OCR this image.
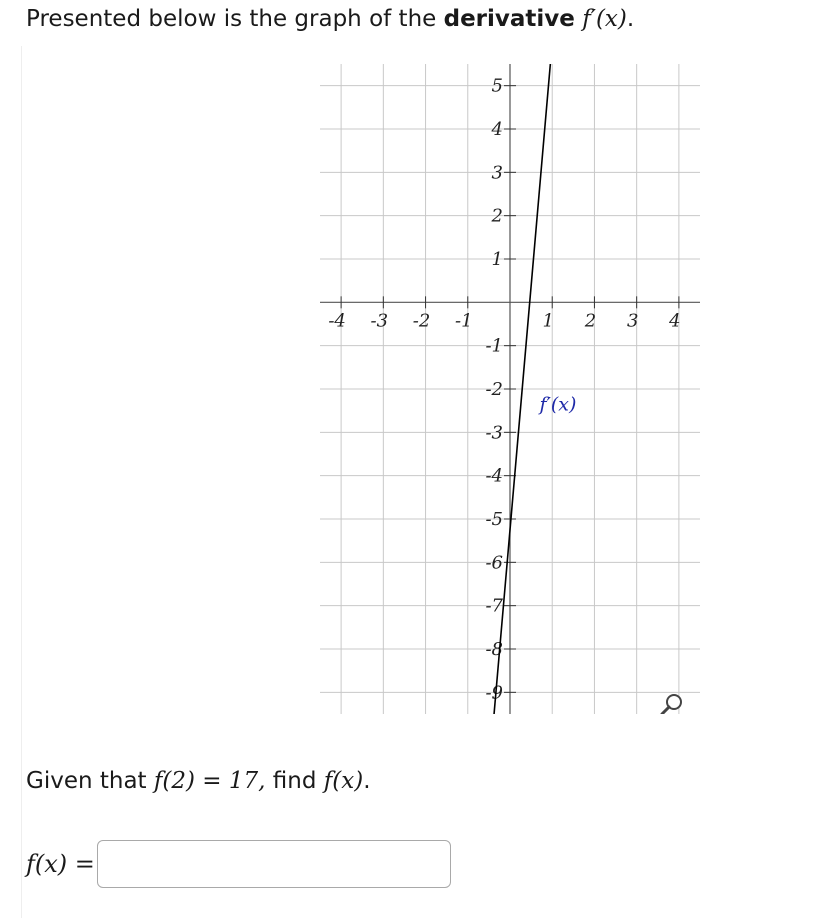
Presented below is the graph of the derivative f′(x).
-4 -3 -2 -1	1 2 3 4
5
4
3
2
1
-1
-2
-3
-4
-5
-6
-7
-8
-9
f′(x)
Given that f(2) = 17, find f(x).
f(x) =
